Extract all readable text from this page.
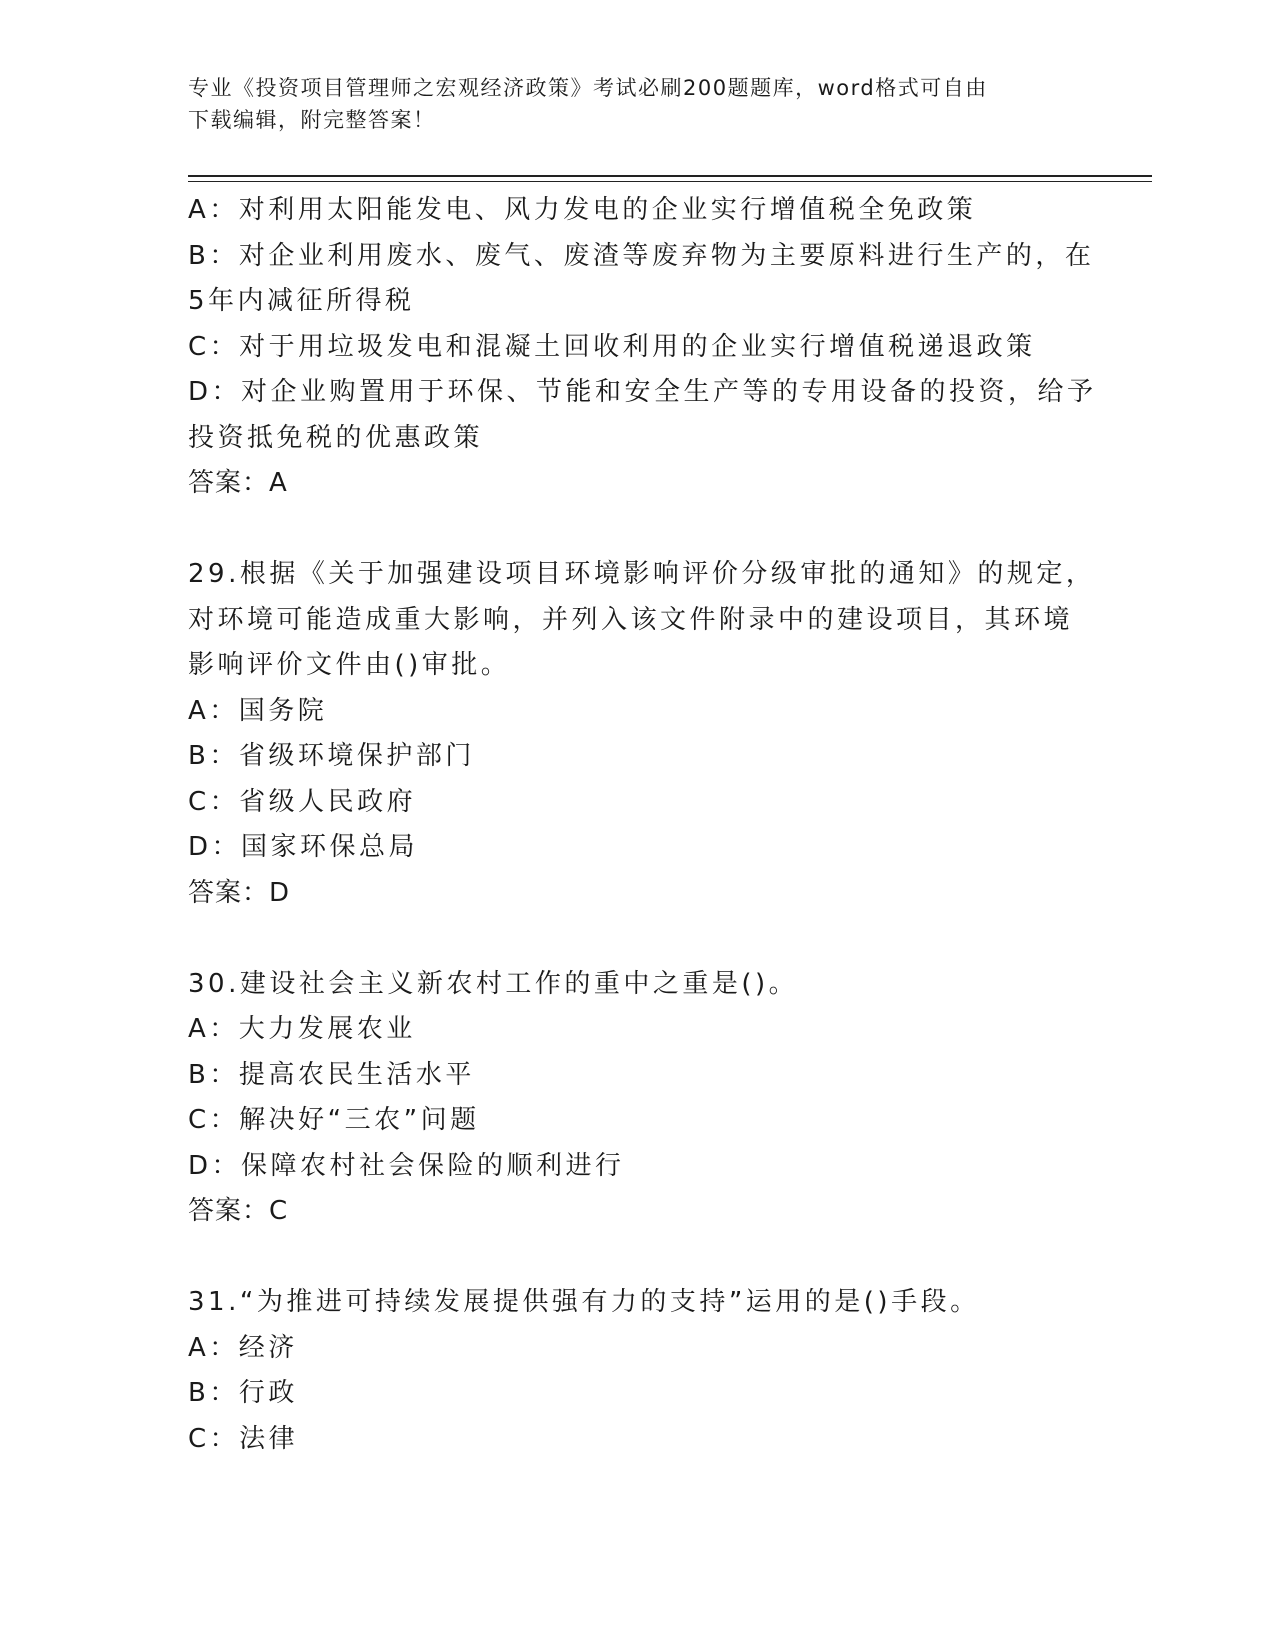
专业《投资项目管理师之宏观经济政策》考试必刷200题题库，word格式可自由
下载编辑，附完整答案！
A：对利用太阳能发电、风力发电的企业实行增值税全免政策
B：对企业利用废水、废气、废渣等废弃物为主要原料进行生产的，在
5年内减征所得税
C：对于用垃圾发电和混凝土回收利用的企业实行增值税递退政策
D：对企业购置用于环保、节能和安全生产等的专用设备的投资，给予
投资抵免税的优惠政策
答案：A
29.根据《关于加强建设项目环境影响评价分级审批的通知》的规定，
对环境可能造成重大影响，并列入该文件附录中的建设项目，其环境
影响评价文件由()审批。
A：国务院
B：省级环境保护部门
C：省级人民政府
D：国家环保总局
答案：D
30.建设社会主义新农村工作的重中之重是()。
A：大力发展农业
B：提高农民生活水平
C：解决好“三农”问题
D：保障农村社会保险的顺利进行
答案：C
31.“为推进可持续发展提供强有力的支持”运用的是()手段。
A：经济
B：行政
C：法律
